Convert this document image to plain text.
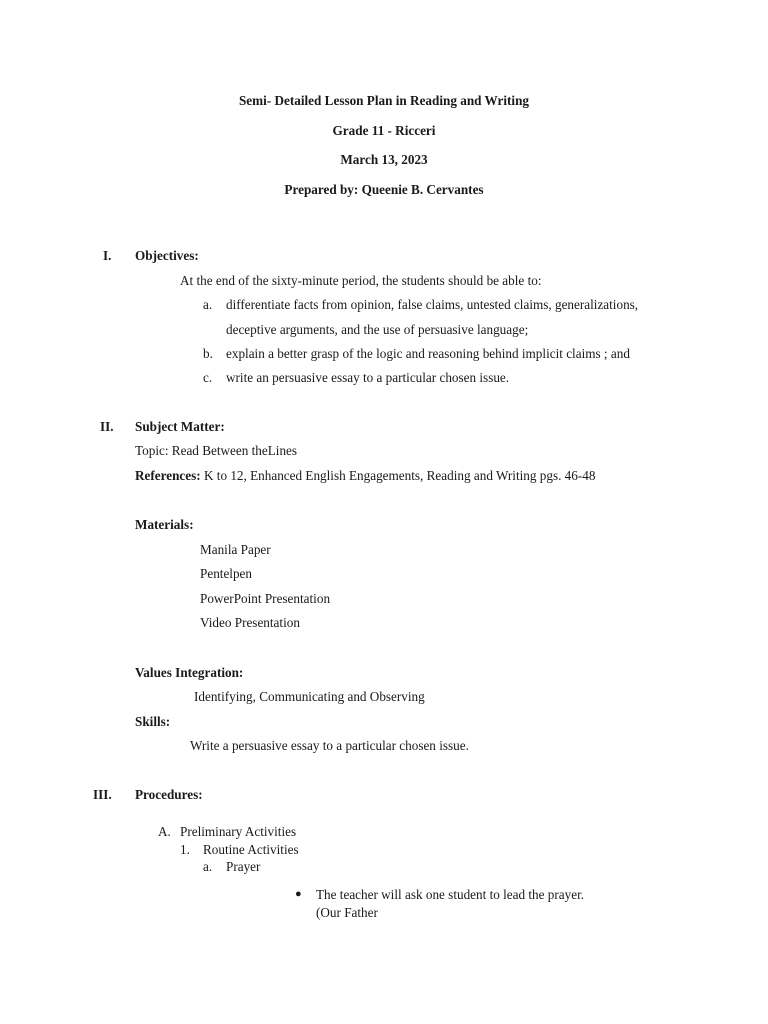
Semi- Detailed Lesson Plan in Reading and Writing
Grade 11 - Ricceri
March 13, 2023
Prepared by: Queenie B. Cervantes
I. Objectives:
At the end of the sixty-minute period, the students should be able to:
a. differentiate facts from opinion, false claims, untested claims, generalizations,
deceptive arguments, and the use of persuasive language;
b. explain a better grasp of the logic and reasoning behind implicit claims ; and
c. write an persuasive essay to a particular chosen issue.
II. Subject Matter:
Topic: Read Between theLines
References: K to 12, Enhanced English Engagements, Reading and Writing pgs. 46-48
Materials:
Manila Paper
Pentelpen
PowerPoint Presentation
Video Presentation
Values Integration:
Identifying, Communicating and Observing
Skills:
Write a persuasive essay to a particular chosen issue.
III. Procedures:
A. Preliminary Activities
1. Routine Activities
a. Prayer
● The teacher will ask one student to lead the prayer.
(Our Father
